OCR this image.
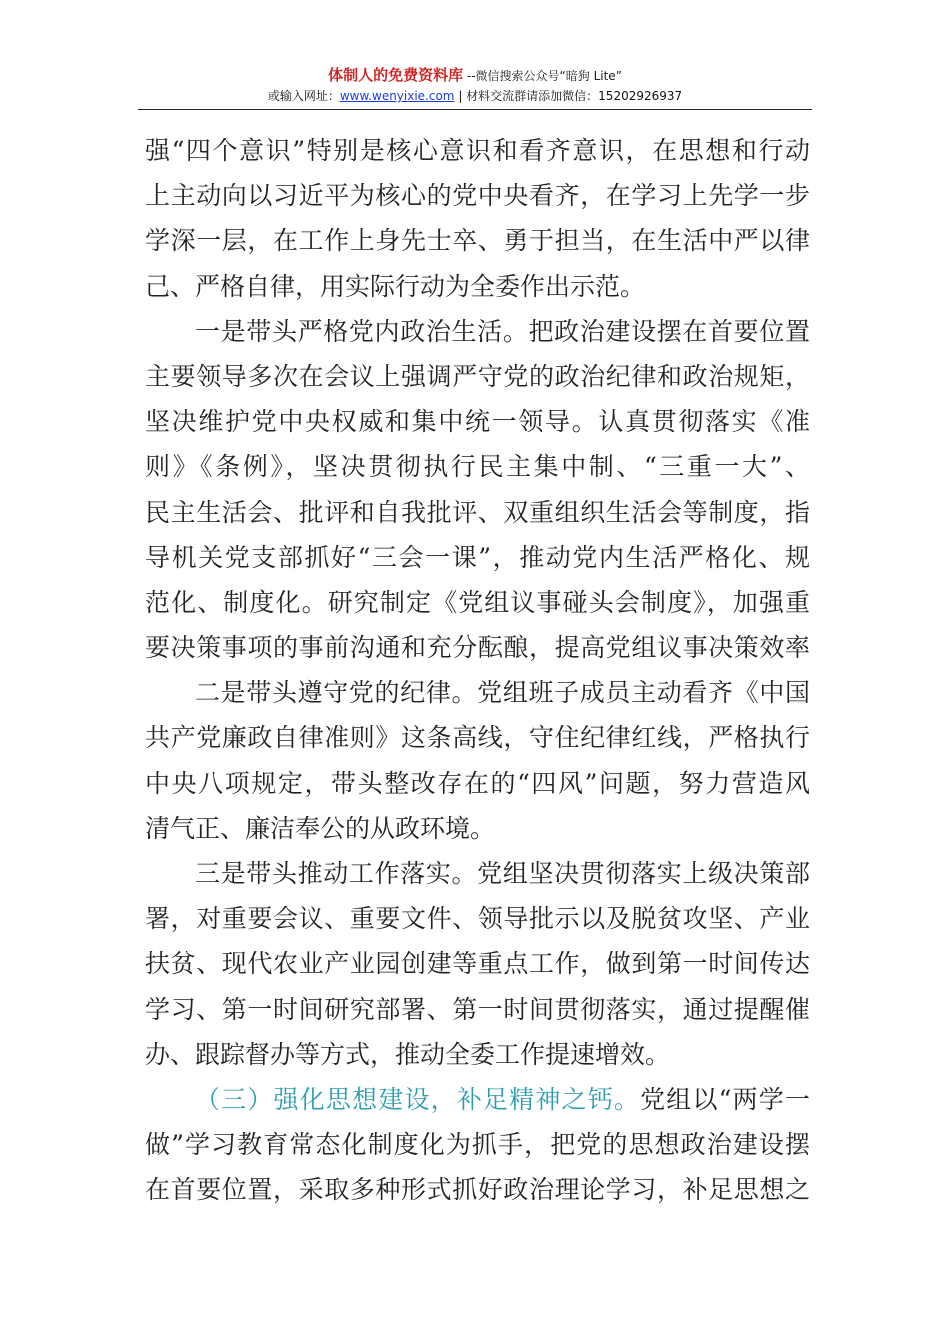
体制人的免费资料库 --微信搜索公众号“暗狗 Lite”
或输入网址：www.wenyixie.com | 材料交流群请添加微信：15202926937
强“四个意识”特别是核心意识和看齐意识，在思想和行动
上主动向以习近平为核心的党中央看齐，在学习上先学一步
学深一层，在工作上身先士卒、勇于担当，在生活中严以律
己、严格自律，用实际行动为全委作出示范。
一是带头严格党内政治生活。把政治建设摆在首要位置
主要领导多次在会议上强调严守党的政治纪律和政治规矩，
坚决维护党中央权威和集中统一领导。认真贯彻落实《准
则》《条例》，坚决贯彻执行民主集中制、“三重一大”、
民主生活会、批评和自我批评、双重组织生活会等制度，指
导机关党支部抓好“三会一课”，推动党内生活严格化、规
范化、制度化。研究制定《党组议事碰头会制度》，加强重
要决策事项的事前沟通和充分酝酿，提高党组议事决策效率
二是带头遵守党的纪律。党组班子成员主动看齐《中国
共产党廉政自律准则》这条高线，守住纪律红线，严格执行
中央八项规定，带头整改存在的“四风”问题，努力营造风
清气正、廉洁奉公的从政环境。
三是带头推动工作落实。党组坚决贯彻落实上级决策部
署，对重要会议、重要文件、领导批示以及脱贫攻坚、产业
扶贫、现代农业产业园创建等重点工作，做到第一时间传达
学习、第一时间研究部署、第一时间贯彻落实，通过提醒催
办、跟踪督办等方式，推动全委工作提速增效。
（三）强化思想建设，补足精神之钙。党组以“两学一
做”学习教育常态化制度化为抓手，把党的思想政治建设摆
在首要位置，采取多种形式抓好政治理论学习，补足思想之
